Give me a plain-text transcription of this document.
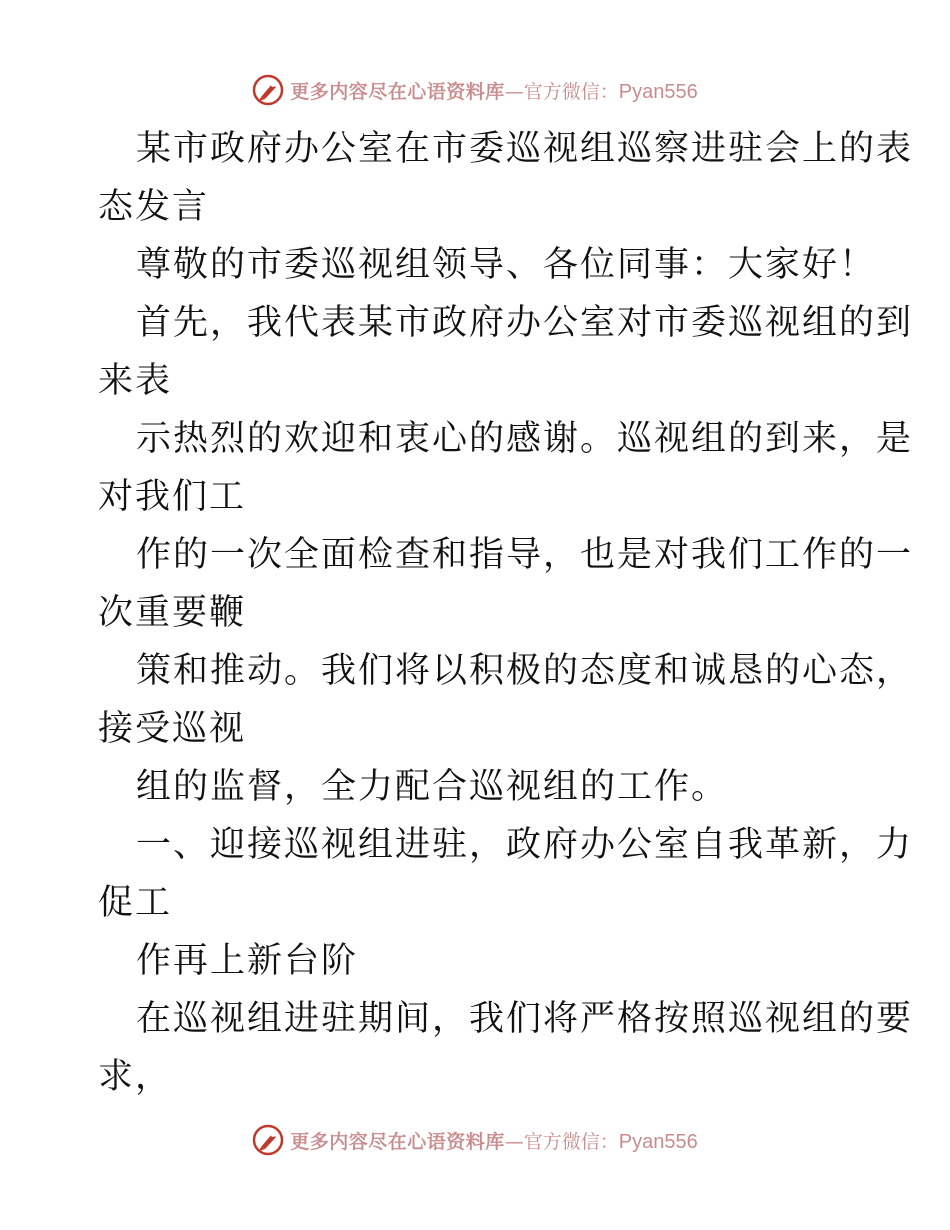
更多内容尽在心语资料库 — 官方微信： Pyan556
某市政府办公室在市委巡视组巡察进驻会上的表
态发言
尊敬的市委巡视组领导、各位同事：大家好！
首先，我代表某市政府办公室对市委巡视组的到
来表
示热烈的欢迎和衷心的感谢。巡视组的到来，是
对我们工
作的一次全面检查和指导，也是对我们工作的一
次重要鞭
策和推动。我们将以积极的态度和诚恳的心态，
接受巡视
组的监督，全力配合巡视组的工作。
一、迎接巡视组进驻，政府办公室自我革新，力
促工
作再上新台阶
在巡视组进驻期间，我们将严格按照巡视组的要
求，
更多内容尽在心语资料库 — 官方微信： Pyan556
